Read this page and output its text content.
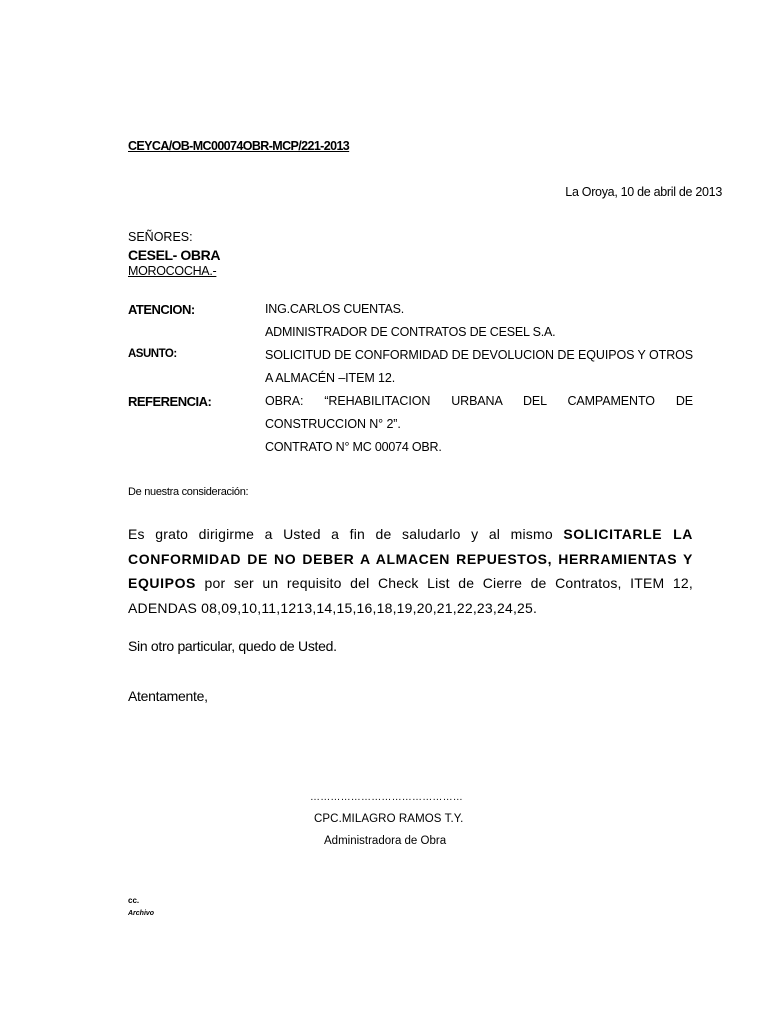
CEYCA/OB-MC00074OBR-MCP/221-2013
La Oroya, 10 de abril de 2013
SEÑORES:
CESEL- OBRA
MOROCOCHA.-
ATENCION:	ING.CARLOS CUENTAS.
ADMINISTRADOR DE CONTRATOS DE CESEL S.A.
ASUNTO:	SOLICITUD DE CONFORMIDAD DE DEVOLUCION DE EQUIPOS Y OTROS A ALMACÉN –ITEM 12.
REFERENCIA:	OBRA: “REHABILITACION URBANA DEL CAMPAMENTO DE CONSTRUCCION N° 2”.
CONTRATO N° MC 00074 OBR.
De nuestra consideración:
Es grato dirigirme a Usted a fin de saludarlo y al mismo SOLICITARLE LA CONFORMIDAD DE NO DEBER A ALMACEN REPUESTOS, HERRAMIENTAS Y EQUIPOS por ser un requisito del Check List de Cierre de Contratos, ITEM 12, ADENDAS 08,09,10,11,1213,14,15,16,18,19,20,21,22,23,24,25.
Sin otro particular, quedo de Usted.
Atentamente,
………………………………………
CPC.MILAGRO RAMOS T.Y.
Administradora de Obra
cc.
Archivo
